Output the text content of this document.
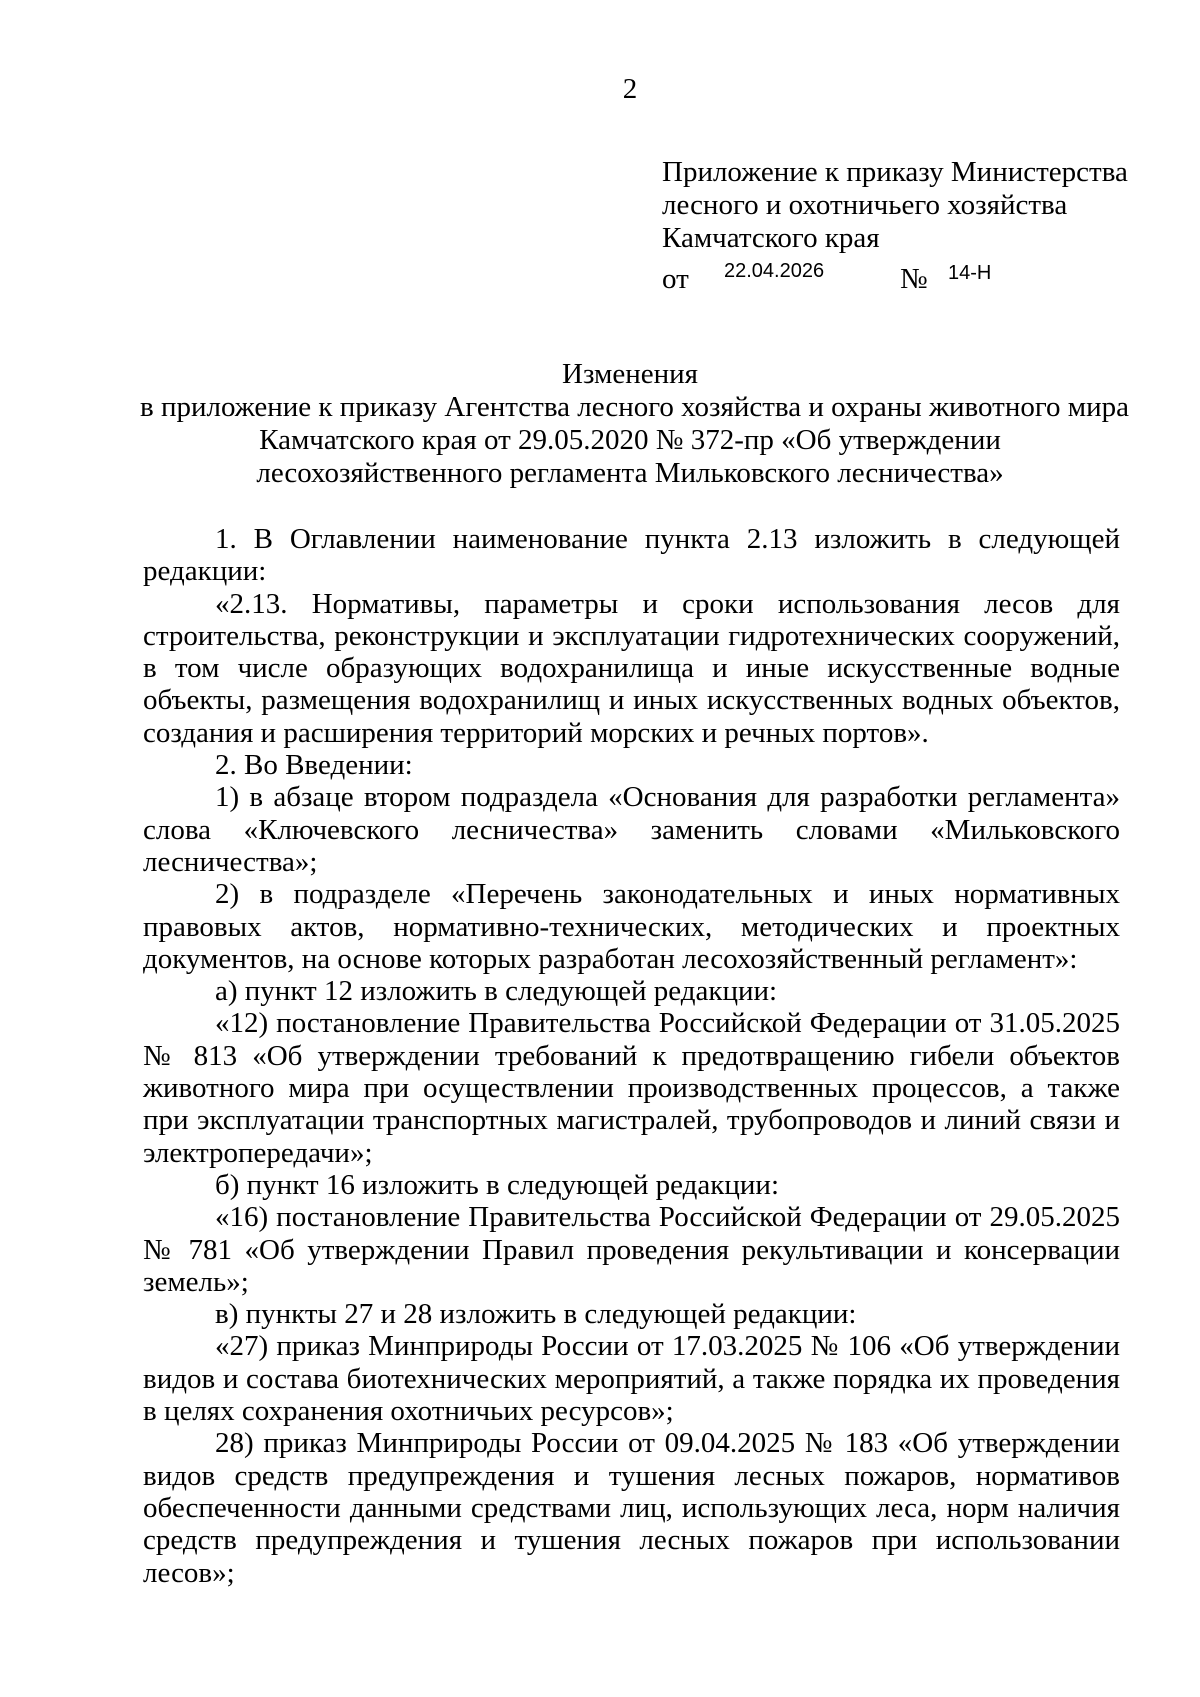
2
Приложение к приказу Министерства
лесного и охотничьего хозяйства
Камчатского края
от 22.04.2026	№ 14-Н
Изменения
в приложение к приказу Агентства лесного хозяйства и охраны животного мира
Камчатского края от 29.05.2020 № 372-пр «Об утверждении
лесохозяйственного регламента Мильковского лесничества»

1. В Оглавлении наименование пункта 2.13 изложить в следующей редакции:

«2.13. Нормативы, параметры и сроки использования лесов для строительства, реконструкции и эксплуатации гидротехнических сооружений, в том числе образующих водохранилища и иные искусственные водные объекты, размещения водохранилищ и иных искусственных водных объектов, создания и расширения территорий морских и речных портов».

2. Во Введении:

1) в абзаце втором подраздела «Основания для разработки регламента» слова «Ключевского лесничества» заменить словами «Мильковского лесничества»;

2) в подразделе «Перечень законодательных и иных нормативных правовых актов, нормативно-технических, методических и проектных документов, на основе которых разработан лесохозяйственный регламент»:

а) пункт 12 изложить в следующей редакции:

«12) постановление Правительства Российской Федерации от 31.05.2025 № 813 «Об утверждении требований к предотвращению гибели объектов животного мира при осуществлении производственных процессов, а также при эксплуатации транспортных магистралей, трубопроводов и линий связи и электропередачи»;

б) пункт 16 изложить в следующей редакции:

«16) постановление Правительства Российской Федерации от 29.05.2025 № 781 «Об утверждении Правил проведения рекультивации и консервации земель»;

в) пункты 27 и 28 изложить в следующей редакции:

«27) приказ Минприроды России от 17.03.2025 № 106 «Об утверждении видов и состава биотехнических мероприятий, а также порядка их проведения в целях сохранения охотничьих ресурсов»;

28) приказ Минприроды России от 09.04.2025 № 183 «Об утверждении видов средств предупреждения и тушения лесных пожаров, нормативов обеспеченности данными средствами лиц, использующих леса, норм наличия средств предупреждения и тушения лесных пожаров при использовании лесов»;
